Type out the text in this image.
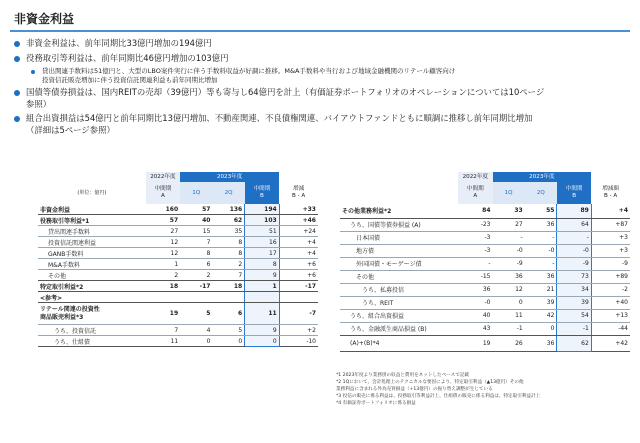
非資金利益
非資金利益は、前年同期比33億円増加の194億円
役務取引等利益は、前年同期比46億円増加の103億円
貸出関連手数料は51億円と、大型のLBO案件実行に伴う手数料収益が好調に推移。M&A手数料や当行および地域金融機関のリテール顧客向け
投資信託販売増加に伴う投資信託関連利益も前年同期比増加
国債等債券損益は、国内REITの売却（39億円）等も寄与し64億円を計上（有価証券ポートフォリオのオペレーションについては10ページ
参照）
組合出資損益は54億円と前年同期比13億円増加、不動産関連、不良債権関連、バイアウトファンドともに順調に推移し前年同期比増加
（詳細は5ページ参照）
	2022年度	2023年度			
(単位：億円)	中間期
A	1Q	2Q	中間期
B	増減
B - A
非資金利益	160	57	136	194	+33
役務取引等利益*1	57	40	62	103	+46
貸出関連手数料	27	15	35	51	+24
投資信託関連利益	12	7	8	16	+4
GANB手数料	12	8	8	17	+4
M&A手数料	1	6	2	8	+6
その他	2	2	7	9	+6
特定取引利益*2	18	-17	18	1	-17
<参考>					
リテール関連の投資性
商品販売利益*3	19	5	6	11	-7
うち、投資信託	7	4	5	9	+2
うち、仕組債	11	0	0	0	-10
	2022年度	2023年度			
	中間期
A	1Q	2Q	中間期
B	増減額
B - A
その他業務利益*2	84	33	55	89	+4
うち、国債等債券損益 (A)	-23	27	36	64	+87
日本国債	-3	-	-	-	+3
地方債	-3	-0	-0	-0	+3
外国国債・モーゲージ債	-	-9	-	-9	-9
その他	-15	36	36	73	+89
うち、私募投信	36	12	21	34	-2
うち、REIT	-0	0	39	39	+40
うち、組合出資損益	40	11	42	54	+13
うち、金融派生商品損益 (B)	43	-1	0	-1	-44
(A)+(B)*4	19	26	36	62	+42
*1 2023年度より業務別の収益と費用をネットしたベースで記載
*2 1Qにおいて、会計処理上のテクニカルな要因により、特定取引利益（▲13億円）その他
業務利益に含まれる外為売買損益（+13億円）の振り替え調整が生じている
*3 投信の販売に係る利益は、役務取引等利益計上、仕組債の販売に係る利益は、特定取引利益計上
*4 有価証券ポートフォリオに係る損益
